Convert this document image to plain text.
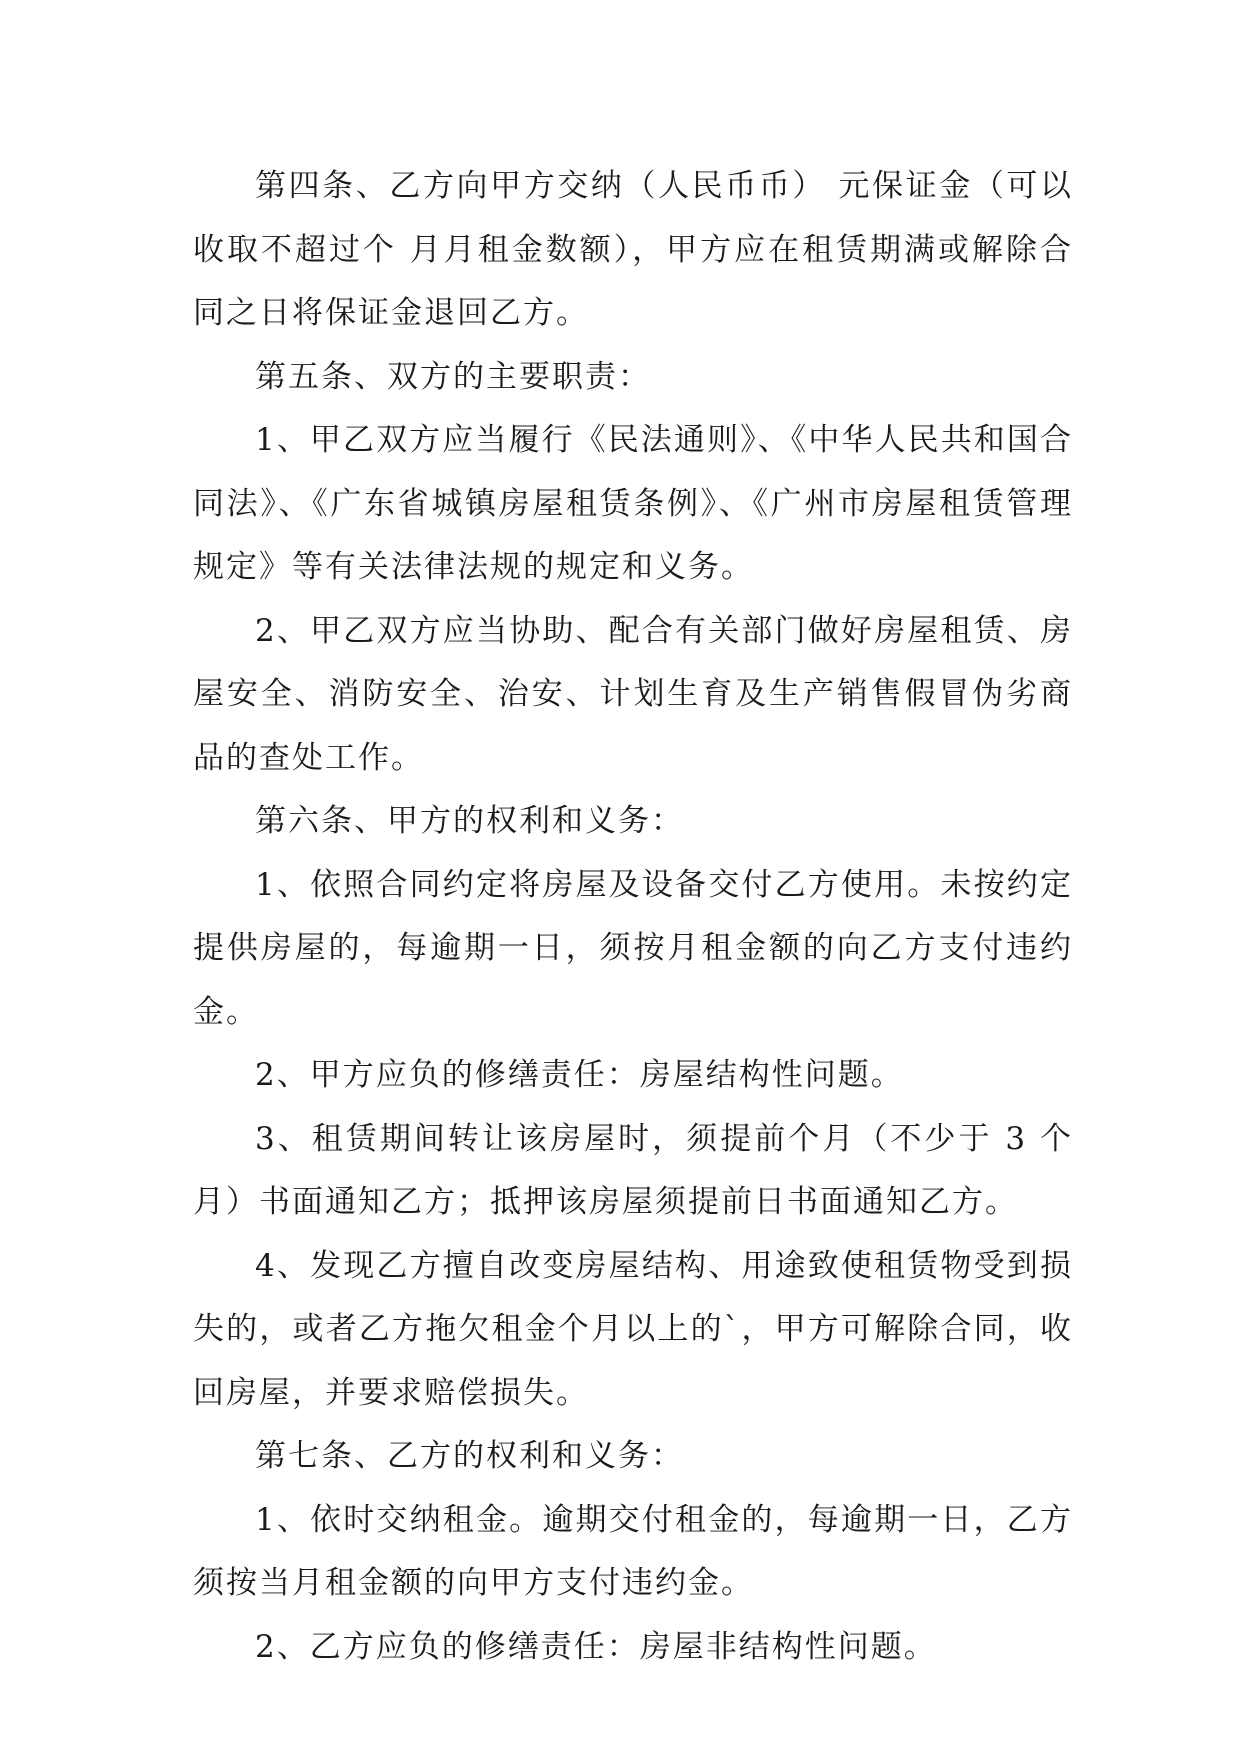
第四条、乙方向甲方交纳（人民币币） 元保证金（可以收取不超过个 月月租金数额），甲方应在租赁期满或解除合同之日将保证金退回乙方。

第五条、双方的主要职责：

1、甲乙双方应当履行《民法通则》、《中华人民共和国合同法》、《广东省城镇房屋租赁条例》、《广州市房屋租赁管理规定》等有关法律法规的规定和义务。

2、甲乙双方应当协助、配合有关部门做好房屋租赁、房屋安全、消防安全、治安、计划生育及生产销售假冒伪劣商品的查处工作。

第六条、甲方的权利和义务：

1、依照合同约定将房屋及设备交付乙方使用。未按约定提供房屋的，每逾期一日，须按月租金额的向乙方支付违约金。

2、甲方应负的修缮责任：房屋结构性问题。

3、租赁期间转让该房屋时，须提前个月（不少于 3 个月）书面通知乙方；抵押该房屋须提前日书面通知乙方。

4、发现乙方擅自改变房屋结构、用途致使租赁物受到损失的，或者乙方拖欠租金个月以上的`，甲方可解除合同，收回房屋，并要求赔偿损失。

第七条、乙方的权利和义务：

1、依时交纳租金。逾期交付租金的，每逾期一日，乙方须按当月租金额的向甲方支付违约金。

2、乙方应负的修缮责任：房屋非结构性问题。
